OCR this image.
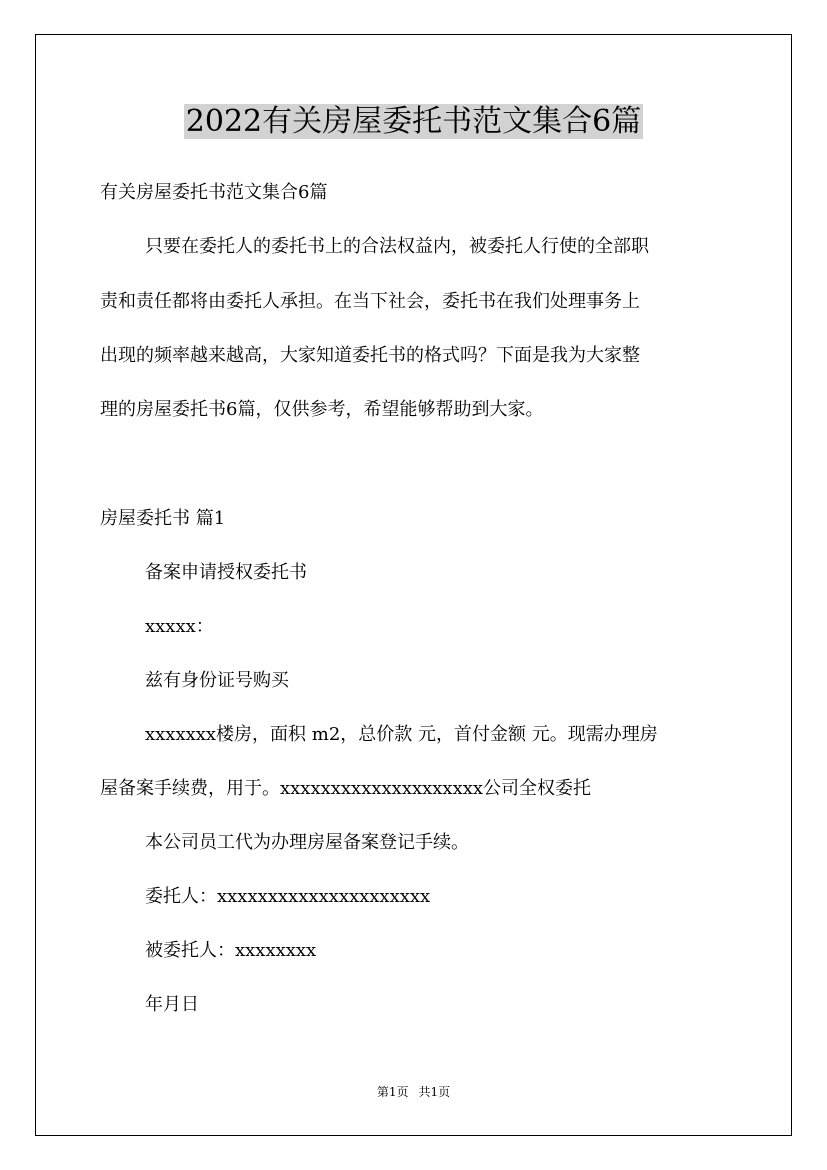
2022有关房屋委托书范文集合6篇
有关房屋委托书范文集合6篇
只要在委托人的委托书上的合法权益内，被委托人行使的全部职
责和责任都将由委托人承担。在当下社会，委托书在我们处理事务上
出现的频率越来越高，大家知道委托书的格式吗？下面是我为大家整
理的房屋委托书6篇，仅供参考，希望能够帮助到大家。
房屋委托书 篇1
备案申请授权委托书
xxxxx：
兹有身份证号购买
xxxxxxx楼房，面积 m2，总价款 元，首付金额 元。现需办理房
屋备案手续费，用于。xxxxxxxxxxxxxxxxxxxx公司全权委托
本公司员工代为办理房屋备案登记手续。
委托人：xxxxxxxxxxxxxxxxxxxxx
被委托人：xxxxxxxx
年月日
第1页 共1页
